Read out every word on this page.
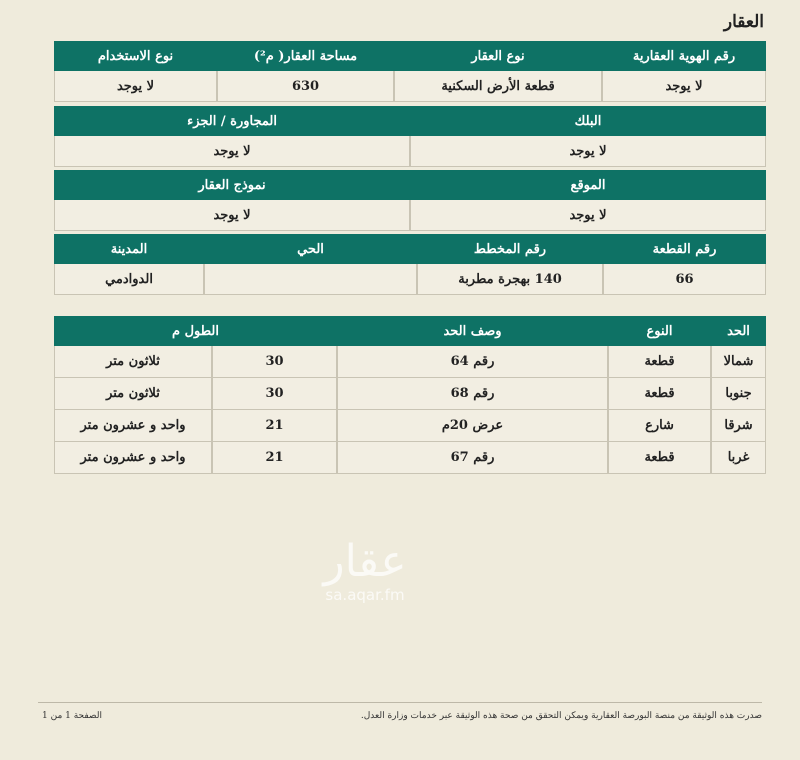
العقار
رقم الهوية العقارية
نوع العقار
مساحة العقار( م²)
نوع الاستخدام
لا يوجد
قطعة الأرض السكنية
630
لا يوجد
البلك
المجاورة / الجزء
لا يوجد
لا يوجد
الموقع
نموذج العقار
لا يوجد
لا يوجد
رقم القطعة
رقم المخطط
الحي
المدينة
66
140 بهجرة مطربة
الدوادمي
الحد
النوع
وصف الحد
الطول م
شمالا
قطعة
رقم 64
30
ثلاثون متر
جنوبا
قطعة
رقم 68
30
ثلاثون متر
شرقا
شارع
عرض 20م
21
واحد و عشرون متر
غربا
قطعة
رقم 67
21
واحد و عشرون متر
عقار
sa.aqar.fm
صدرت هذه الوثيقة من منصة البورصة العقارية ويمكن التحقق من صحة هذه الوثيقة عبر خدمات وزارة العدل.
الصفحة 1 من 1
